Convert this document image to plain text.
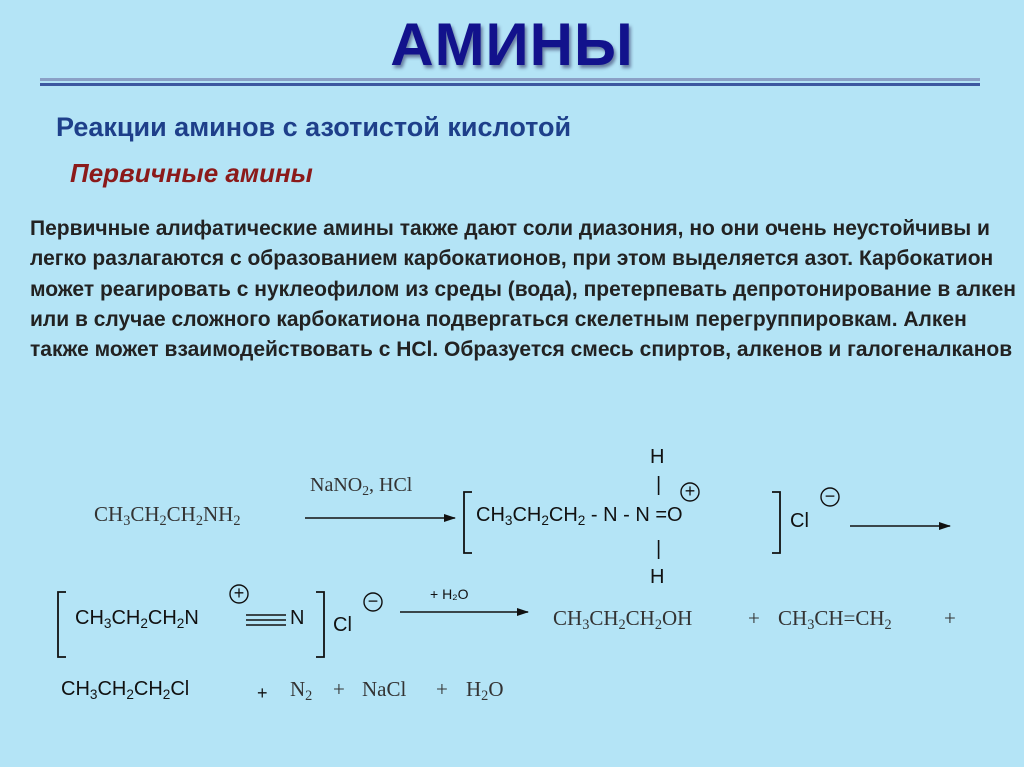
АМИНЫ
Реакции аминов с азотистой кислотой
Первичные амины

Первичные алифатические амины также дают соли диазония, но они очень неустойчивы и легко разлагаются с образованием карбокатионов, при этом выделяется азот. Карбокатион может реагировать с нуклеофилом из среды (вода), претерпевать депротонирование в алкен или в случае сложного карбокатиона подвергаться скелетным перегруппировкам. Алкен также может взаимодействовать с HCl. Образуется смесь спиртов, алкенов и галогеналканов

$CH_3CH_2CH_2NH_2$
NaNO$_2$, HCl
$CH_3CH_2CH_2 - N - N =O$
H
|
|
H
+
Cl
−
$CH_3CH_2CH_2N$	N
+
Cl
−	+ H₂O
$CH_3CH_2CH_2OH$	+ $CH_3CH=CH_2$ +
$CH_3CH_2CH_2Cl$	+ $N_2$ + NaCl + $H_2O$
